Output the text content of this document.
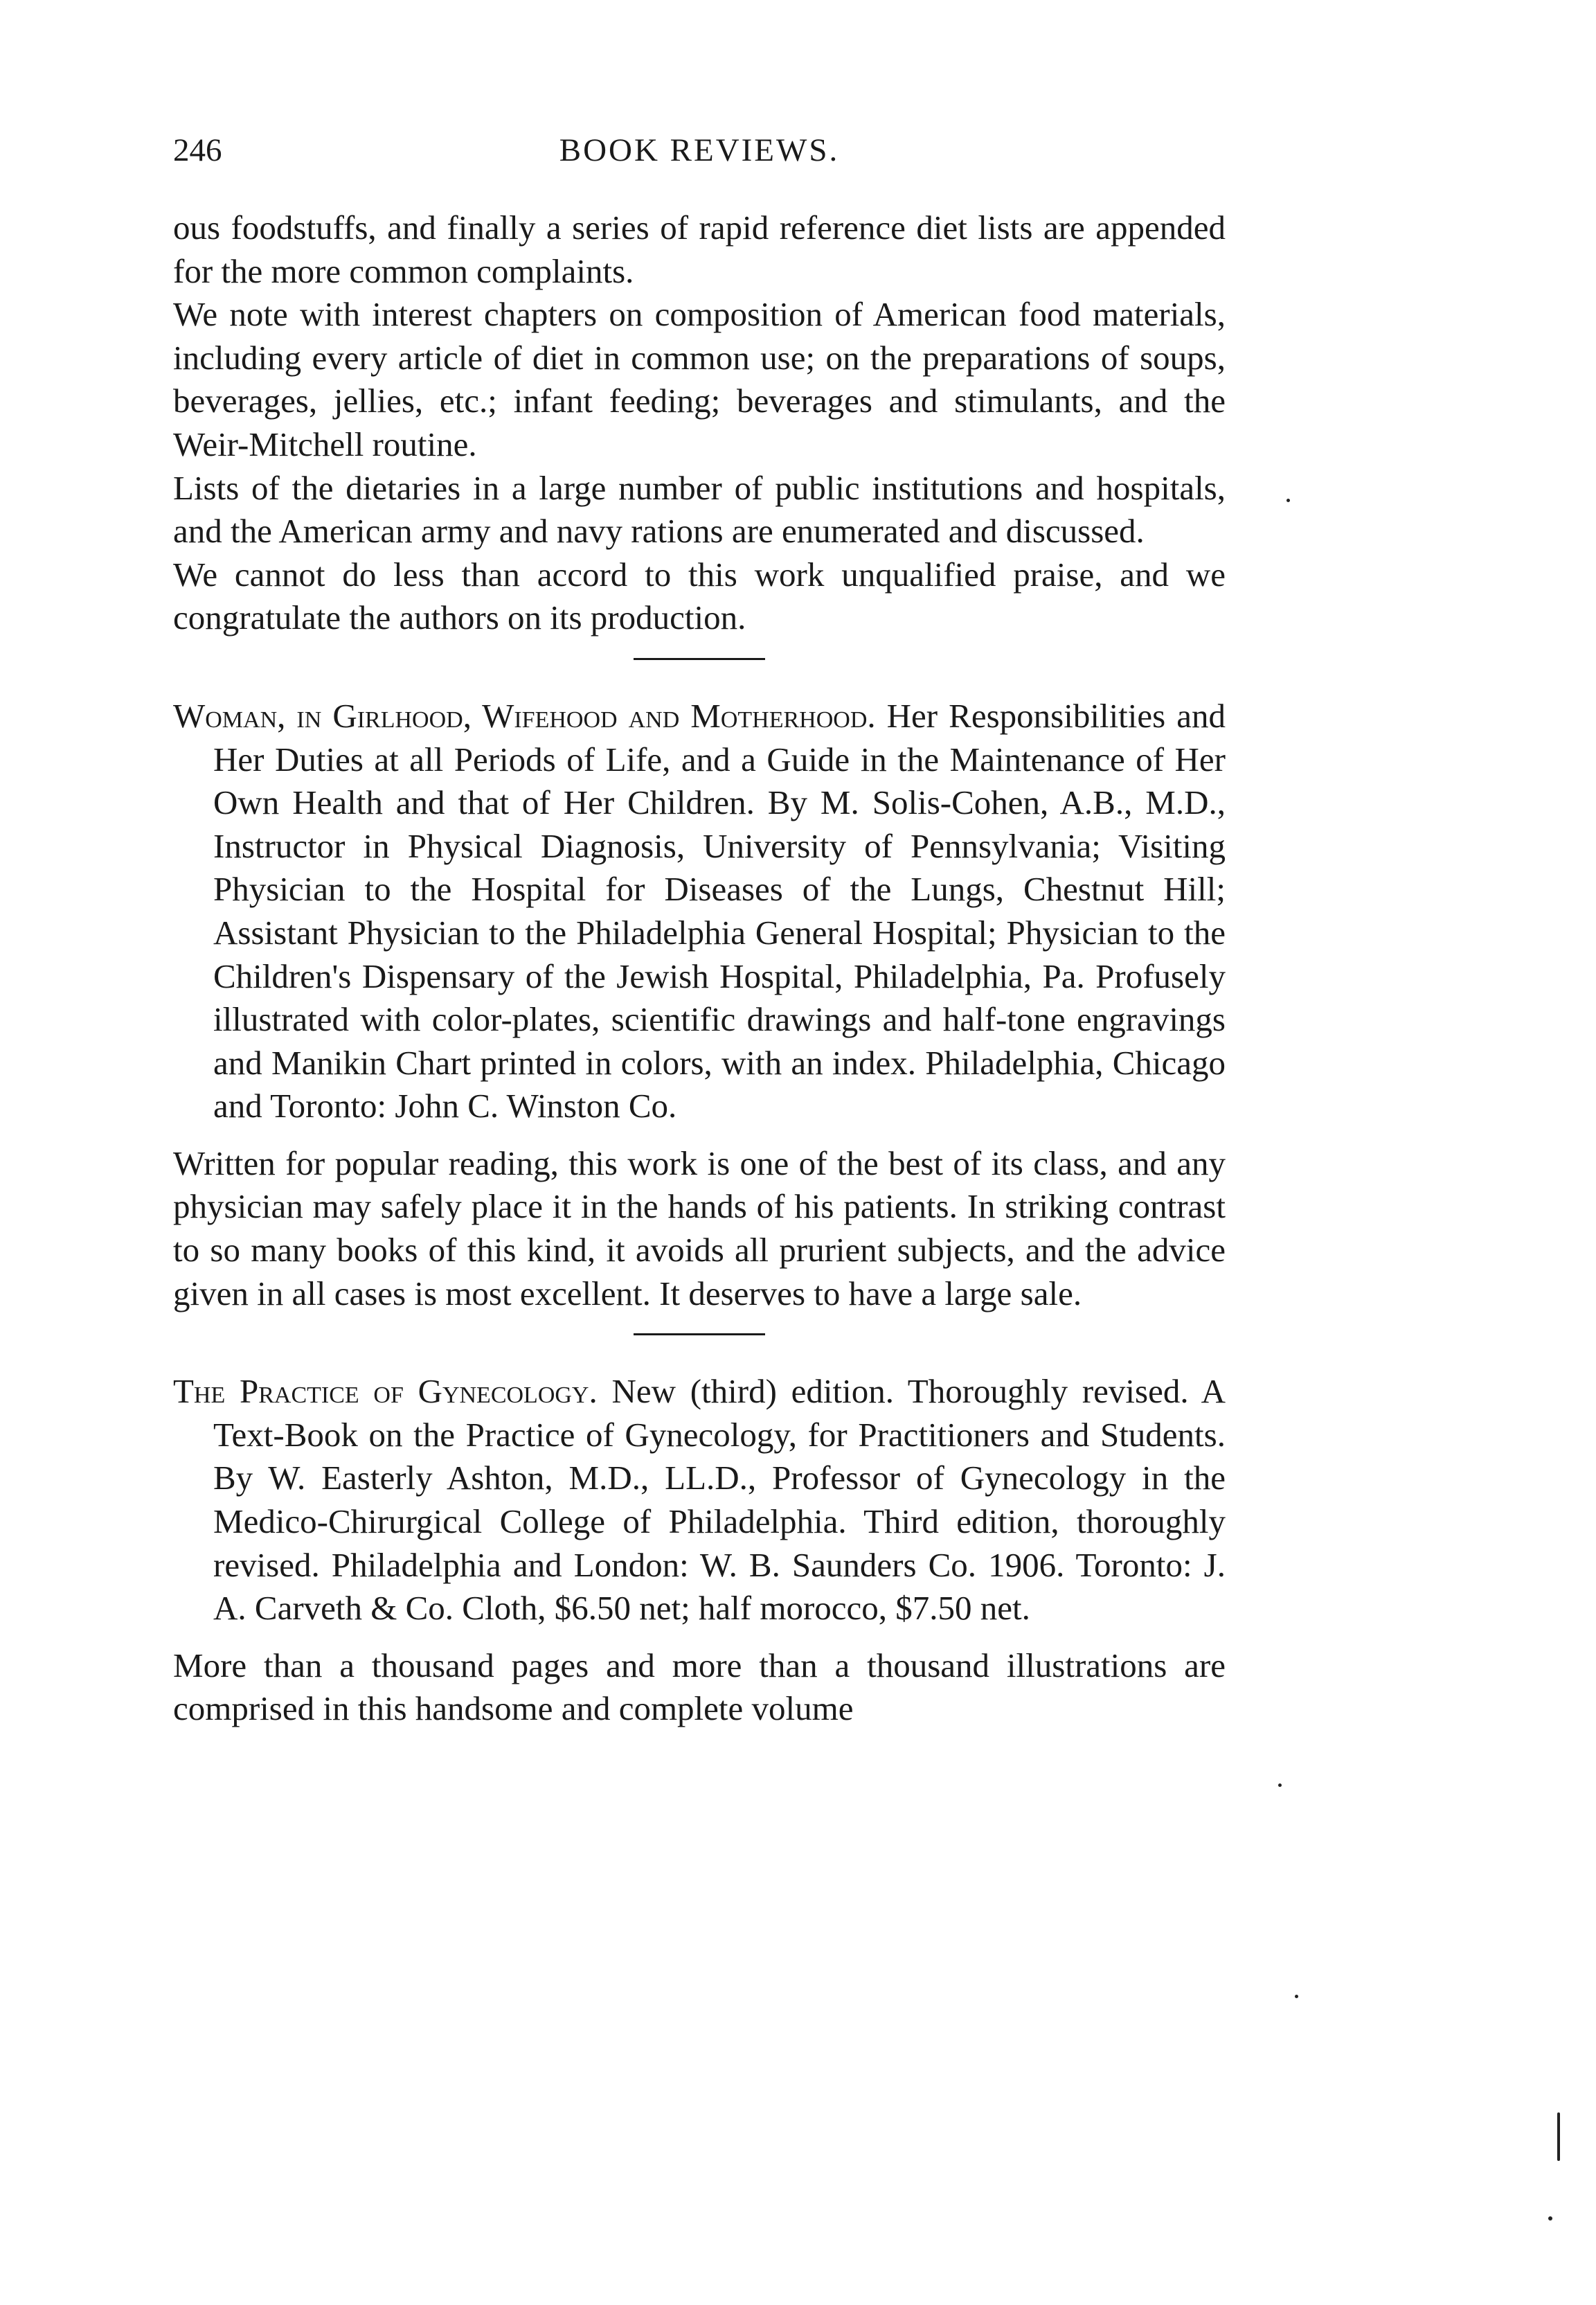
246	BOOK REVIEWS.

ous foodstuffs, and finally a series of rapid reference diet lists are appended for the more common complaints.

We note with interest chapters on composition of American food materials, including every article of diet in common use; on the preparations of soups, beverages, jellies, etc.; infant feeding; beverages and stimulants, and the Weir-Mitchell routine.

Lists of the dietaries in a large number of public institutions and hospitals, and the American army and navy rations are enumerated and discussed.

We cannot do less than accord to this work unqualified praise, and we congratulate the authors on its production.

Woman, in Girlhood, Wifehood and Motherhood. Her Responsibilities and Her Duties at all Periods of Life, and a Guide in the Maintenance of Her Own Health and that of Her Children. By M. Solis-Cohen, A.B., M.D., Instructor in Physical Diagnosis, University of Pennsylvania; Visiting Physician to the Hospital for Diseases of the Lungs, Chestnut Hill; Assistant Physician to the Philadelphia General Hospital; Physician to the Children's Dispensary of the Jewish Hospital, Philadelphia, Pa. Profusely illustrated with color-plates, scientific drawings and half-tone engravings and Manikin Chart printed in colors, with an index. Philadelphia, Chicago and Toronto: John C. Winston Co.

Written for popular reading, this work is one of the best of its class, and any physician may safely place it in the hands of his patients. In striking contrast to so many books of this kind, it avoids all prurient subjects, and the advice given in all cases is most excellent. It deserves to have a large sale.

The Practice of Gynecology. New (third) edition. Thoroughly revised. A Text-Book on the Practice of Gynecology, for Practitioners and Students. By W. Easterly Ashton, M.D., LL.D., Professor of Gynecology in the Medico-Chirurgical College of Philadelphia. Third edition, thoroughly revised. Philadelphia and London: W. B. Saunders Co. 1906. Toronto: J. A. Carveth & Co. Cloth, $6.50 net; half morocco, $7.50 net.

More than a thousand pages and more than a thousand illustrations are comprised in this handsome and complete volume
